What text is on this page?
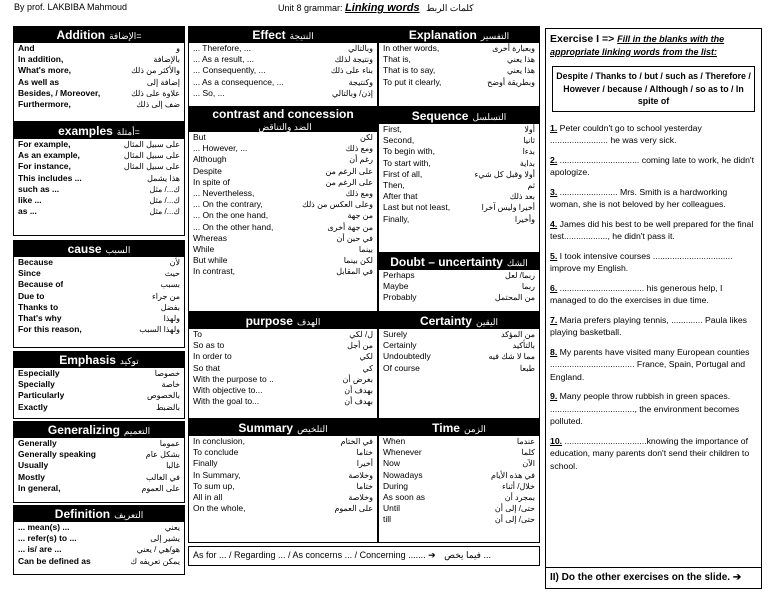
By prof. LAKBIBA Mahmoud	Unit 8 grammar: Linking words كلمات الربط
Addition الإضافة=
And	و
In addition,	بالإضافة
What's more,	والأكثر من ذلك
As well as	إضافة إلى
Besides, / Moreover,	علاوة على ذلك
Furthermore,	ضف إلى ذلك
examples أمثلة=
For example,	على سبيل المثال
As an example,	على سبيل المثال
For instance,	على سبيل المثال
This includes ...	هذا يشمل
such as ...	ك.../ مثل
like ...	ك.../ مثل
as ...	ك.../ مثل
cause السبب
Because	لأن
Since	حيث
Because of	بسبب
Due to	من جراء
Thanks to	بفضل
That's why	ولهذا
For this reason,	ولهذا السبب
Emphasis توكيد
Especially	خصوصا
Specially	خاصة
Particularly	بالخصوص
Exactly	بالضبط
Generalizing التعميم
Generally	عموما
Generally speaking	بشكل عام
Usually	غالبا
Mostly	في الغالب
In general,	على العموم
Definition التعريف
... mean(s) ...	يعني
... refer(s) to ...	يشير إلى
... is/ are ...	هو/هي / يعني
Can be defined as	يمكن تعريفه ك
Effect النتيجة
... Therefore, ...	وبالتالي
... As a result, ...	ونتيجة لذلك
... Consequently, ...	بناء على ذلك
... As a consequence, ...	وكنتيجة
... So, ...	إذن/ وبالتالي
contrast and concession
الضد والتناقض
But	لكن
... However, ...	ومع ذلك
Although	رغم أن
Despite	على الرغم من
In spite of	على الرغم من
... Nevertheless,	ومع ذلك
... On the contrary,	وعلى العكس من ذلك
... On the one hand,	من جهة
... On the other hand,	من جهة أخرى
Whereas	في حين أن
While	بينما
But while	لكن بينما
In contrast,	في المقابل
purpose الهدف
To	ل/ لكي
So as to	من أجل
In order to	لكي
So that	كي
With the purpose to ..	بغرض أن
With objective to...	بهدف أن
With the goal to...	بهدف أن
Summary التلخيص
In conclusion,	في الختام
To conclude	ختاما
Finally	أخيرا
In Summary,	وخلاصة
To sum up,	ختاما
All in all	وخلاصة
On the whole,	على العموم
Explanation التفسير
In other words,	وبعبارة أخرى
That is,	هذا يعني
That is to say,	هذا يعني
To put it clearly,	وبطريقة أوضح
Sequence التسلسل
First,	أولا
Second,	ثانيا
To begin with,	بدءا
To start with,	بداية
First of all,	أولا وقبل كل شيء
Then,	ثم
After that	بعد ذلك
Last but not least,	أخيرا وليس آخرا
Finally,	وأخيرا
Doubt – uncertainty الشك
Perhaps	ربما/ لعل
Maybe	ربما
Probably	من المحتمل
Certainty اليقين
Surely	من المؤكد
Certainly	بالتأكيد
Undoubtedly	مما لا شك فيه
Of course	طبعا
Time الزمن
When	عندما
Whenever	كلما
Now	الآن
Nowadays	في هذه الأيام
During	خلال/ أثناء
As soon as	بمجرد أن
Until	حتى/ إلى أن
till	حتى/ إلى أن
As for ... / Regarding ... / As concerns ... / Concerning ....... ➔ فيما يخص ...
Exercise I => Fill in the blanks with the appropriate linking words from the list:
Despite / Thanks to / but / such as / Therefore / However / because / Although / so as to / In spite of
1. Peter couldn't go to school yesterday ........................ he was very sick.
2. ................................. coming late to work, he didn't apologize.
3. ........................ Mrs. Smith is a hardworking woman, she is not beloved by her colleagues.
4. James did his best to be well prepared for the final test.................., he didn't pass it.
5. I took intensive courses ................................. improve my English.
6. ................................... his generous help, I managed to do the exercises in due time.
7. Maria prefers playing tennis, ............. Paula likes playing basketball.
8. My parents have visited many European counties ................................... France, Spain, Portugal and England.
9. Many people throw rubbish in green spaces. ..................................., the environment becomes polluted.
10. ..................................knowing the importance of education, many parents don't send their children to school.
II) Do the other exercises on the slide. ➔
